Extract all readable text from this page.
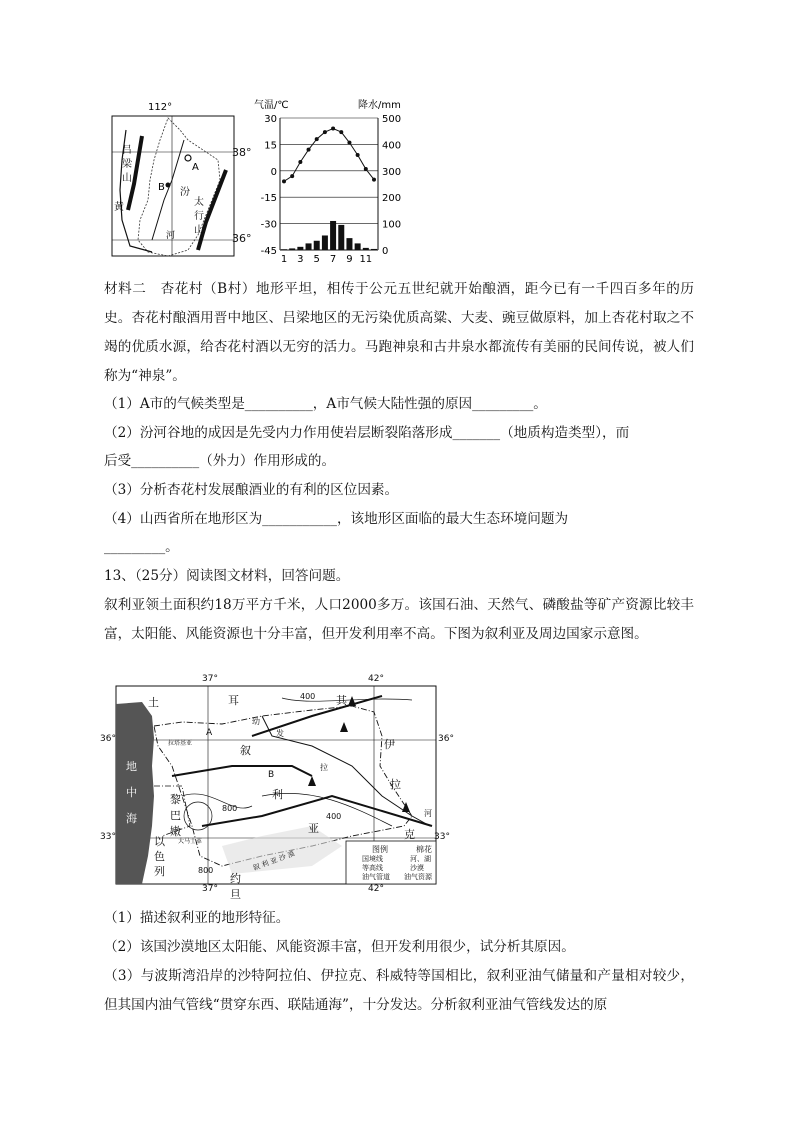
112°
A
B 汾
河
黄
吕
梁
山
太
行
山
38°
36°
气温/℃	降水/mm
30
15
0
-15
-30
-45
500
400
300
200
100
0
1 3 5 7 9 11
材料二　杏花村（B村）地形平坦，相传于公元五世纪就开始酿酒，距今已有一千四百多年的历史。杏花村酿酒用晋中地区、吕梁地区的无污染优质高粱、大麦、豌豆做原料，加上杏花村取之不竭的优质水源，给杏花村酒以无穷的活力。马跑神泉和古井泉水都流传有美丽的民间传说，被人们称为“神泉”。
（1）A市的气候类型是__________，A市气候大陆性强的原因_________。
（2）汾河谷地的成因是先受内力作用使岩层断裂陷落形成_______（地质构造类型），而
后受__________（外力）作用形成的。
（3）分析杏花村发展酿酒业的有利的区位因素。
（4）山西省所在地形区为___________，该地形区面临的最大生态环境问题为
_________。
13、（25分）阅读图文材料，回答问题。
叙利亚领土面积约18万平方千米，人口2000多万。该国石油、天然气、磷酸盐等矿产资源比较丰富，太阳能、风能资源也十分丰富，但开发利用率不高。下图为叙利亚及周边国家示意图。
图例	棉花
国境线	河、湖
等高线	沙漠
油气管道 油气资源
37°	42°
37°	42°
36°
33°
36°
33°
土	耳	其
叙
利
亚
伊
拉
克
地
中
海
黎
巴
嫩
以
色
列
约
旦
拉塔基亚
大马士革
A
B
400
800
400
800
河
幼
发
拉
叙 利 亚 沙 漠
（1）描述叙利亚的地形特征。
（2）该国沙漠地区太阳能、风能资源丰富，但开发利用很少，试分析其原因。
（3）与波斯湾沿岸的沙特阿拉伯、伊拉克、科威特等国相比，叙利亚油气储量和产量相对较少，但其国内油气管线“贯穿东西、联陆通海”，十分发达。分析叙利亚油气管线发达的原
